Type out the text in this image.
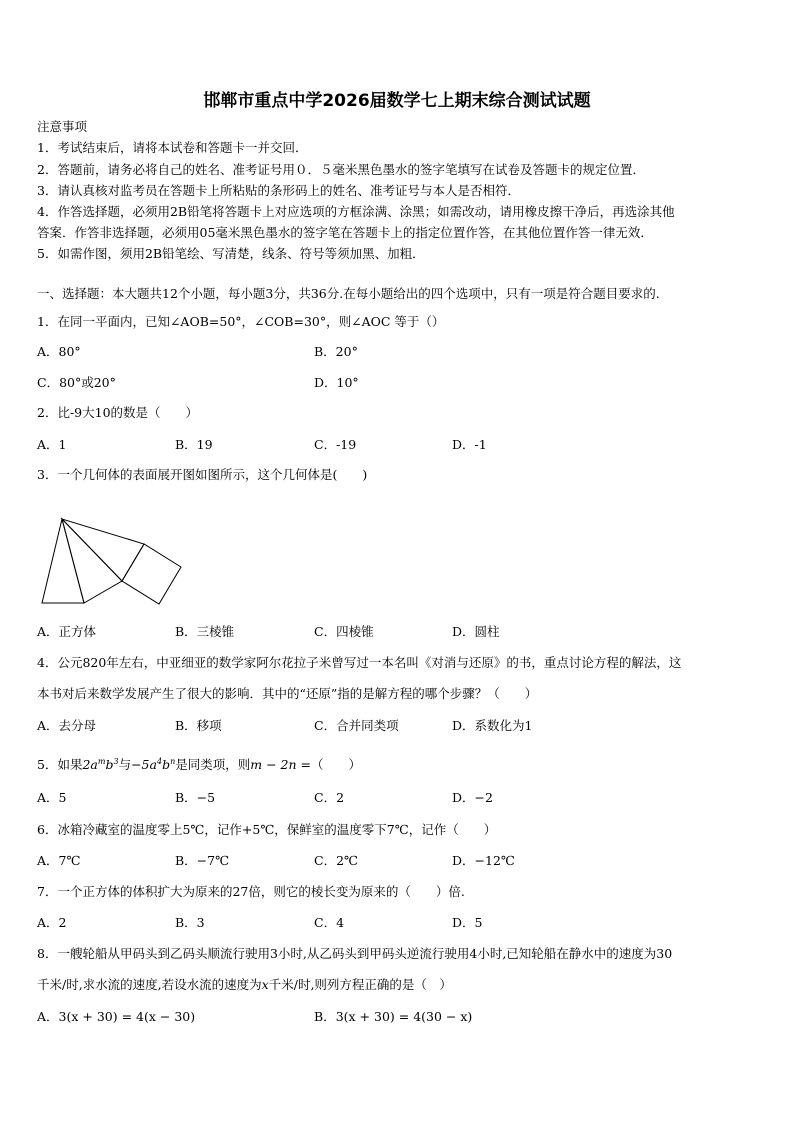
邯郸市重点中学2026届数学七上期末综合测试试题
注意事项
1．考试结束后，请将本试卷和答题卡一并交回．
2．答题前，请务必将自己的姓名、准考证号用０．５毫米黑色墨水的签字笔填写在试卷及答题卡的规定位置．
3．请认真核对监考员在答题卡上所粘贴的条形码上的姓名、准考证号与本人是否相符．
4．作答选择题，必须用2B铅笔将答题卡上对应选项的方框涂满、涂黑；如需改动，请用橡皮擦干净后，再选涂其他
答案．作答非选择题，必须用05毫米黑色墨水的签字笔在答题卡上的指定位置作答，在其他位置作答一律无效．
5．如需作图，须用2B铅笔绘、写清楚，线条、符号等须加黑、加粗．
一、选择题：本大题共12个小题，每小题3分，共36分.在每小题给出的四个选项中，只有一项是符合题目要求的.
1．在同一平面内，已知∠AOB=50°，∠COB=30°，则∠AOC 等于（）
A．80°	B．20°
C．80°或20°	D．10°
2．比-9大10的数是（　　）
A．1	B．19	C．-19	D．-1
3．一个几何体的表面展开图如图所示，这个几何体是(　　)
A．正方体	B．三棱锥	C．四棱锥	D．圆柱
4．公元820年左右，中亚细亚的数学家阿尔花拉子米曾写过一本名叫《对消与还原》的书，重点讨论方程的解法，这
本书对后来数学发展产生了很大的影响．其中的“还原”指的是解方程的哪个步骤？（　　）
A．去分母	B．移项	C．合并同类项	D．系数化为1
5．如果$2a^mb^3$与$-5a^4b^n$是同类项，则m − 2n =（　　）
A．5	B．−5	C．2	D．−2
6．冰箱冷藏室的温度零上5℃，记作+5℃，保鲜室的温度零下7℃，记作（　　）
A．7℃	B．−7℃	C．2℃	D．−12℃
7．一个正方体的体积扩大为原来的27倍，则它的棱长变为原来的（　　）倍.
A．2	B．3	C．4	D．5
8．一艘轮船从甲码头到乙码头顺流行驶用3小时,从乙码头到甲码头逆流行驶用4小时,已知轮船在静水中的速度为30
千米/时,求水流的速度,若设水流的速度为x千米/时,则列方程正确的是（　）
A．3(x + 30) = 4(x − 30)	B．3(x + 30) = 4(30 − x)
